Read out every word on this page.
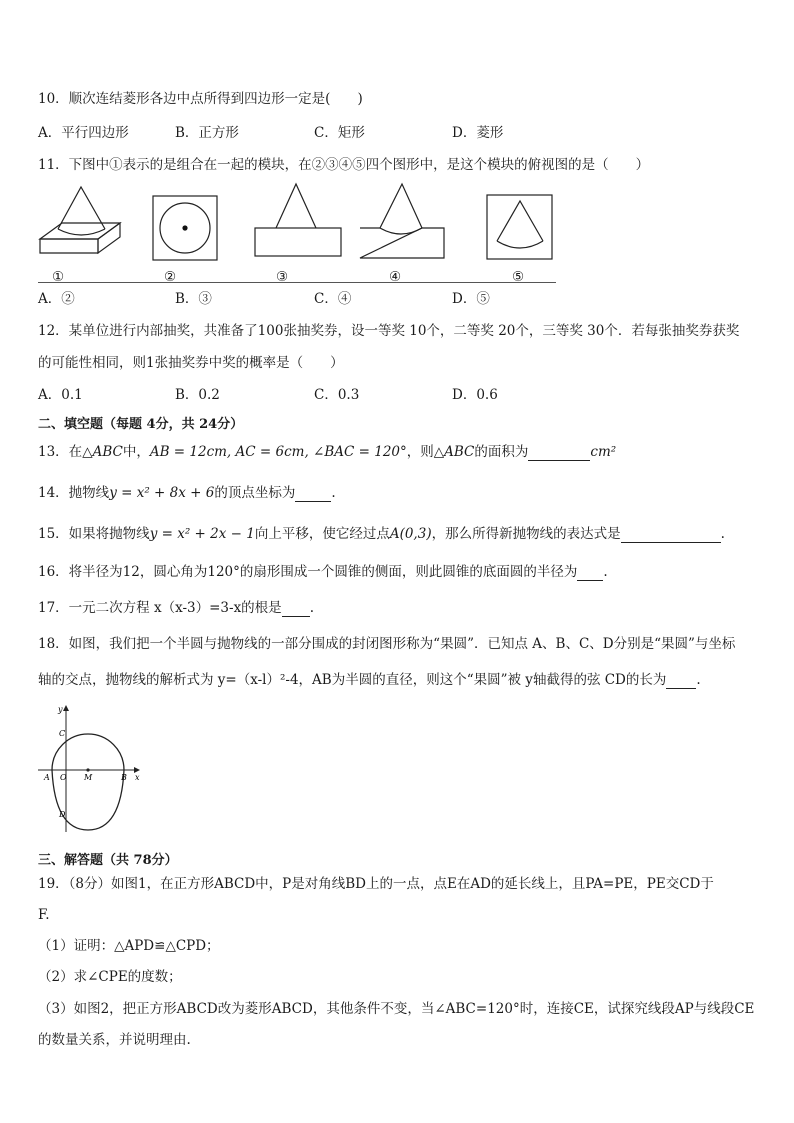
10．顺次连结菱形各边中点所得到四边形一定是(　　)
A．平行四边形	B．正方形	C．矩形	D．菱形
11．下图中①表示的是组合在一起的模块，在②③④⑤四个图形中，是这个模块的俯视图的是（　　）
①	②	③	④	⑤
A．②	B．③	C．④	D．⑤
12．某单位进行内部抽奖，共准备了100张抽奖券，设一等奖 10个，二等奖 20个，三等奖 30个．若每张抽奖券获奖
的可能性相同，则1张抽奖券中奖的概率是（　　）
A．0.1	B．0.2	C．0.3	D．0.6
二、填空题（每题 4分，共 24分）
13．在△ABC中，AB = 12cm, AC = 6cm, ∠BAC = 120°，则△ABC的面积为	cm²
14．抛物线y = x² + 8x + 6的顶点坐标为	.
15．如果将抛物线y = x² + 2x − 1向上平移，使它经过点A(0,3)，那么所得新抛物线的表达式是	.
16．将半径为12，圆心角为120°的扇形围成一个圆锥的侧面，则此圆锥的底面圆的半径为 .
17．一元二次方程 x（x-3）=3-x的根是 .
18．如图，我们把一个半圆与抛物线的一部分围成的封闭图形称为“果圆”．已知点 A、B、C、D分别是“果圆”与坐标
轴的交点，抛物线的解析式为 y=（x-l）²-4，AB为半圆的直径，则这个“果圆”被 y轴截得的弦 CD的长为 .
y
x
A O M	B
C
D
三、解答题（共 78分）
19．（8分）如图1，在正方形ABCD中，P是对角线BD上的一点，点E在AD的延长线上，且PA=PE，PE交CD于
F.
（1）证明：△APD≌△CPD；
（2）求∠CPE的度数；
（3）如图2，把正方形ABCD改为菱形ABCD，其他条件不变，当∠ABC=120°时，连接CE，试探究线段AP与线段CE
的数量关系，并说明理由.
